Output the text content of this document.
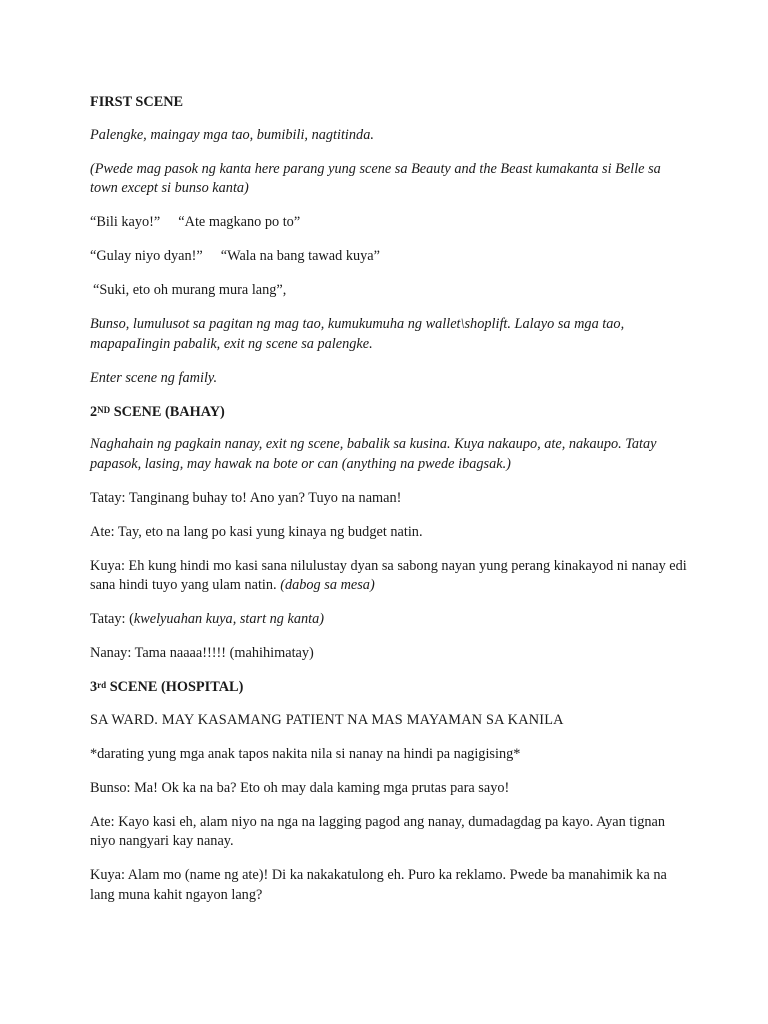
FIRST SCENE

Palengke, maingay mga tao, bumibili, nagtitinda.

(Pwede mag pasok ng kanta here parang yung scene sa Beauty and the Beast kumakanta si Belle sa town except si bunso kanta)

“Bili kayo!” “Ate magkano po to”

“Gulay niyo dyan!” “Wala na bang tawad kuya”

“Suki, eto oh murang mura lang”,

Bunso, lumulusot sa pagitan ng mag tao, kumukumuha ng wallet\shoplift. Lalayo sa mga tao, mapapaIingin pabalik, exit ng scene sa palengke.

Enter scene ng family.

2ND SCENE (BAHAY)

Naghahain ng pagkain nanay, exit ng scene, babalik sa kusina. Kuya nakaupo, ate, nakaupo. Tatay papasok, lasing, may hawak na bote or can (anything na pwede ibagsak.)

Tatay: Tanginang buhay to! Ano yan? Tuyo na naman!

Ate: Tay, eto na lang po kasi yung kinaya ng budget natin.

Kuya: Eh kung hindi mo kasi sana nilulustay dyan sa sabong nayan yung perang kinakayod ni nanay edi sana hindi tuyo yang ulam natin. (dabog sa mesa)

Tatay: (kwelyuahan kuya, start ng kanta)

Nanay: Tama naaaa!!!!! (mahihimatay)

3rd SCENE (HOSPITAL)

SA WARD. MAY KASAMANG PATIENT NA MAS MAYAMAN SA KANILA

*darating yung mga anak tapos nakita nila si nanay na hindi pa nagigising*

Bunso: Ma! Ok ka na ba? Eto oh may dala kaming mga prutas para sayo!

Ate: Kayo kasi eh, alam niyo na nga na lagging pagod ang nanay, dumadagdag pa kayo. Ayan tignan niyo nangyari kay nanay.

Kuya: Alam mo (name ng ate)! Di ka nakakatulong eh. Puro ka reklamo. Pwede ba manahimik ka na lang muna kahit ngayon lang?
